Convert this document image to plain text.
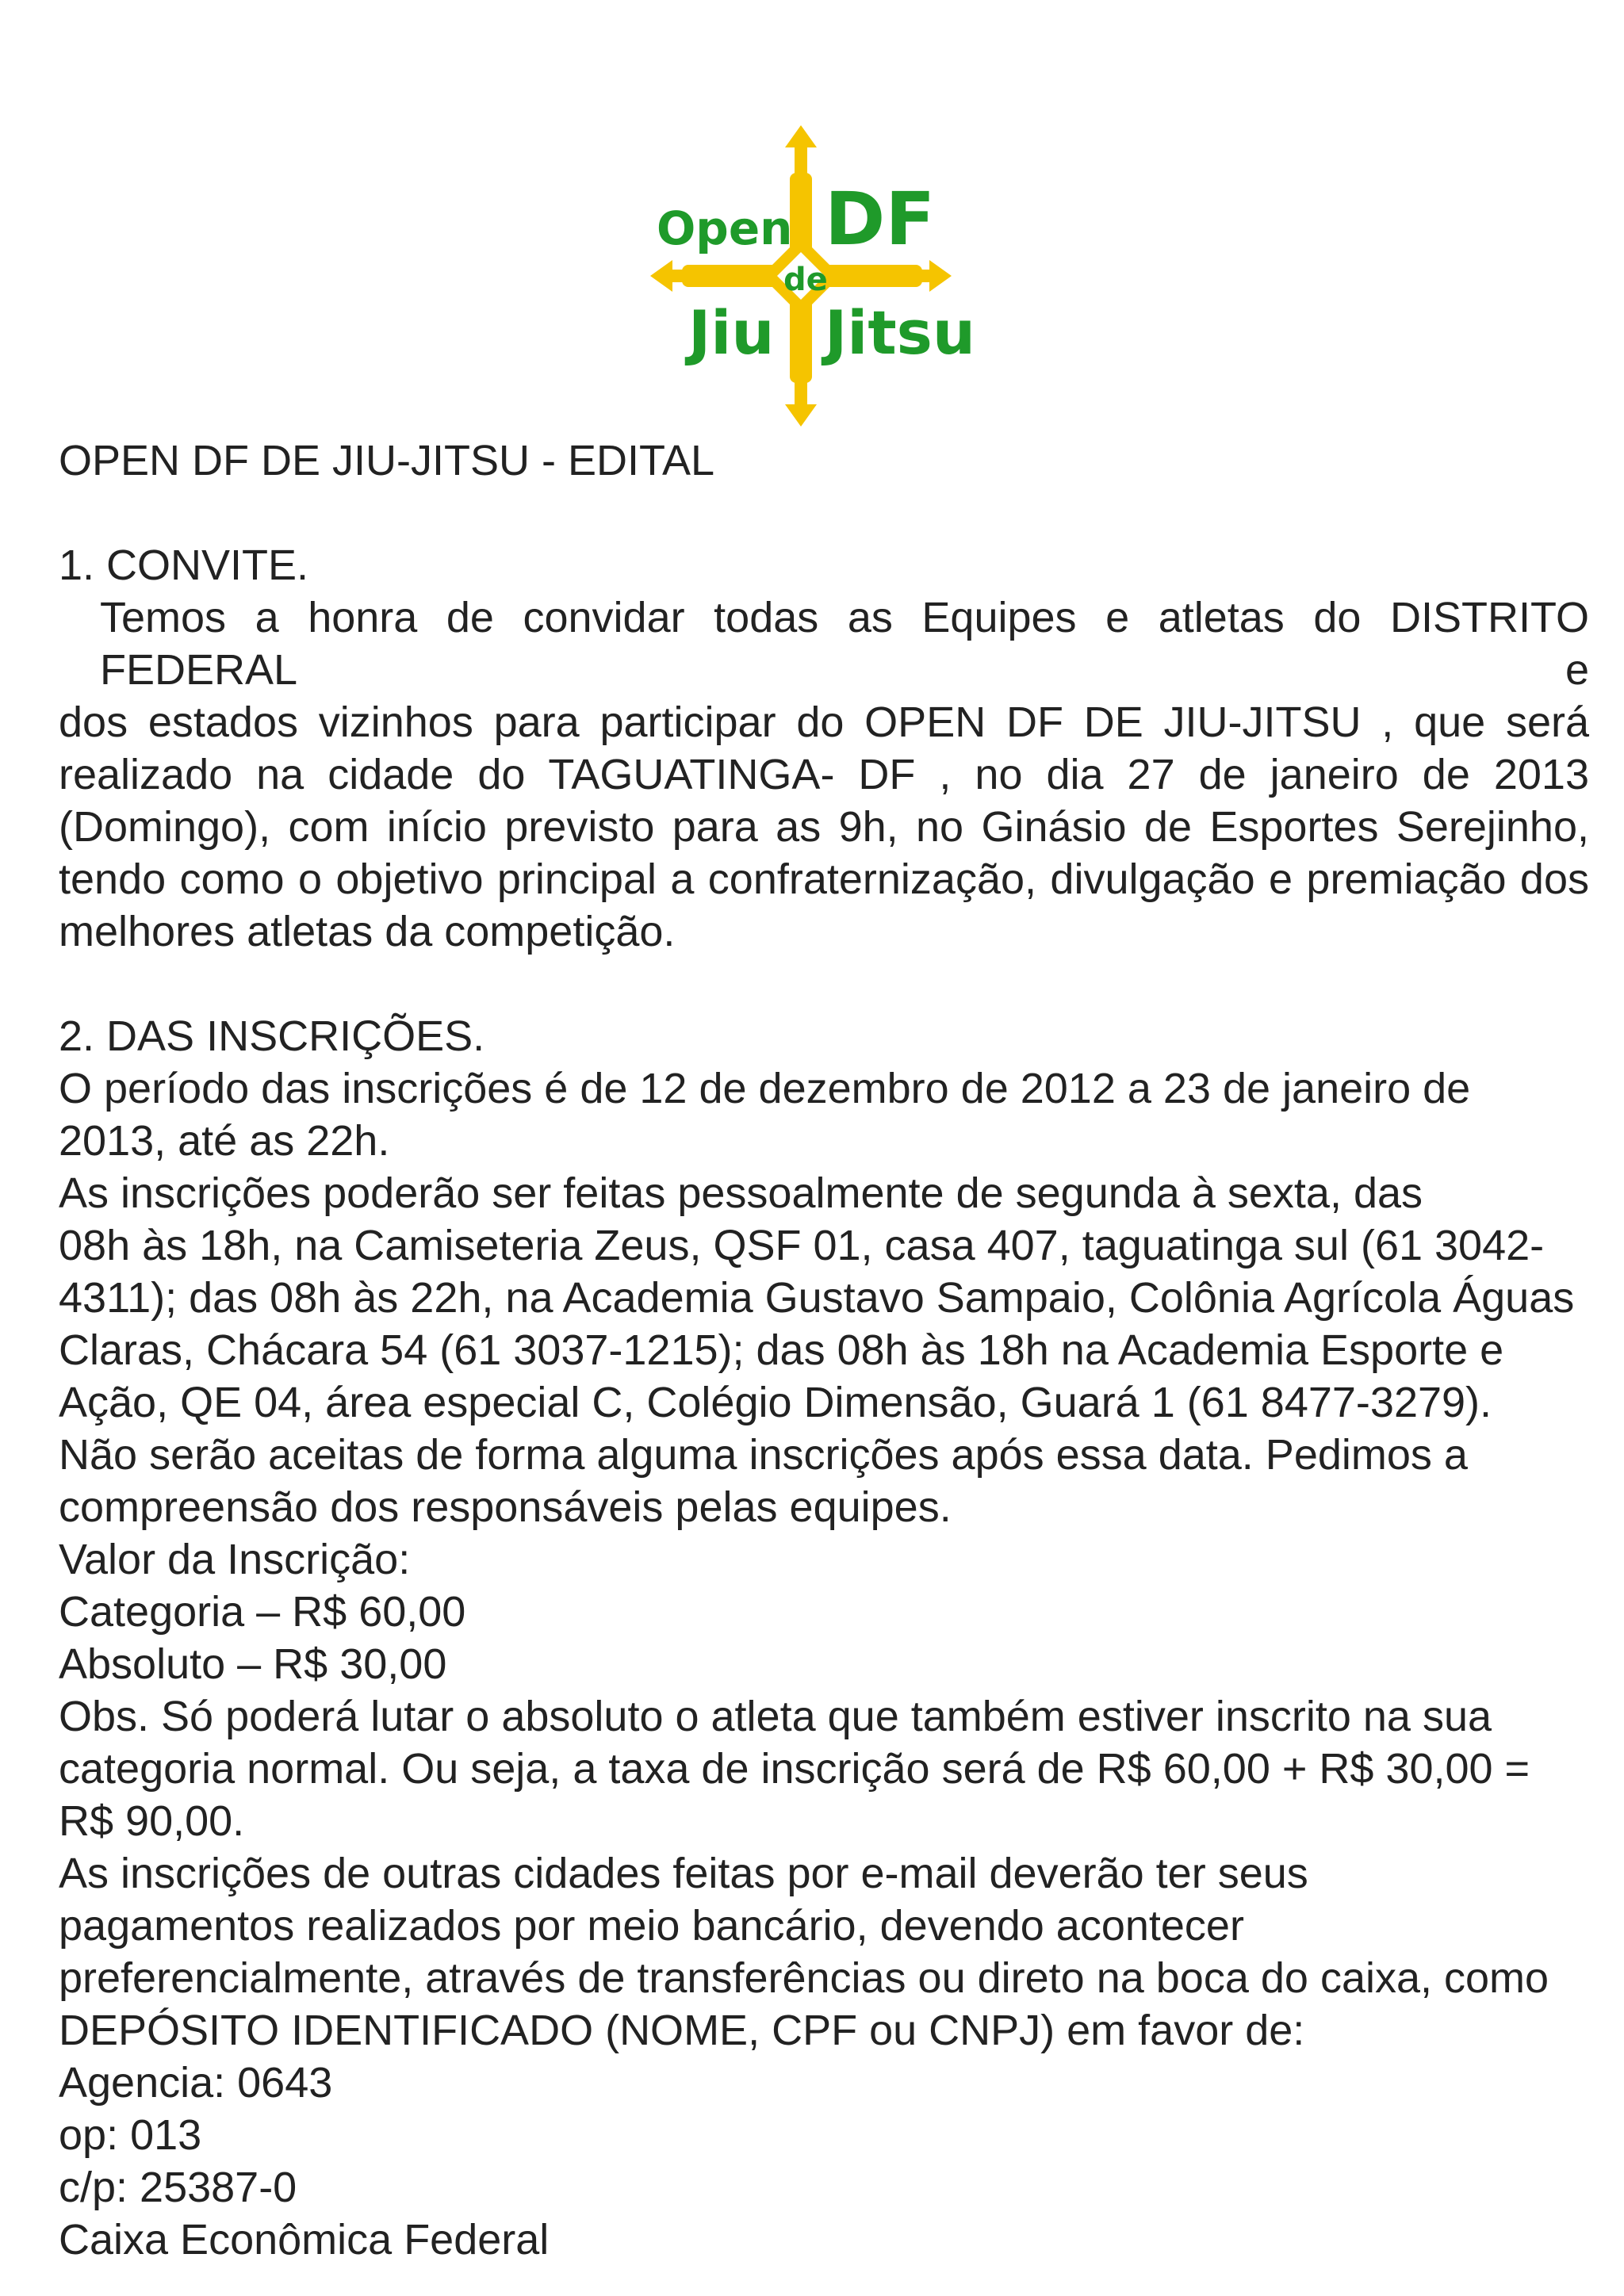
Open DF
de
Jiu Jitsu
OPEN DF DE JIU-JITSU - EDITAL
1. CONVITE.
Temos a honra de convidar todas as Equipes e atletas do DISTRITO FEDERAL e
dos estados vizinhos para participar do OPEN DF DE JIU-JITSU , que será
realizado na cidade do TAGUATINGA- DF , no dia 27 de janeiro de 2013
(Domingo), com início previsto para as 9h, no Ginásio de Esportes Serejinho,
tendo como o objetivo principal a confraternização, divulgação e premiação dos
melhores atletas da competição.
2. DAS INSCRIÇÕES.
O período das inscrições é de 12 de dezembro de 2012 a 23 de janeiro de
2013, até as 22h.
As inscrições poderão ser feitas pessoalmente de segunda à sexta, das
08h às 18h, na Camiseteria Zeus, QSF 01, casa 407, taguatinga sul (61 3042-
4311); das 08h às 22h, na Academia Gustavo Sampaio, Colônia Agrícola Águas
Claras, Chácara 54 (61 3037-1215); das 08h às 18h na Academia Esporte e
Ação, QE 04, área especial C, Colégio Dimensão, Guará 1 (61 8477-3279).
Não serão aceitas de forma alguma inscrições após essa data. Pedimos a
compreensão dos responsáveis pelas equipes.
Valor da Inscrição:
Categoria – R$ 60,00
Absoluto – R$ 30,00
Obs. Só poderá lutar o absoluto o atleta que também estiver inscrito na sua
categoria normal. Ou seja, a taxa de inscrição será de R$ 60,00 + R$ 30,00 =
R$ 90,00.
As inscrições de outras cidades feitas por e-mail deverão ter seus
pagamentos realizados por meio bancário, devendo acontecer
preferencialmente, através de transferências ou direto na boca do caixa, como
DEPÓSITO IDENTIFICADO (NOME, CPF ou CNPJ) em favor de:
Agencia: 0643
op: 013
c/p: 25387-0
Caixa Econômica Federal
